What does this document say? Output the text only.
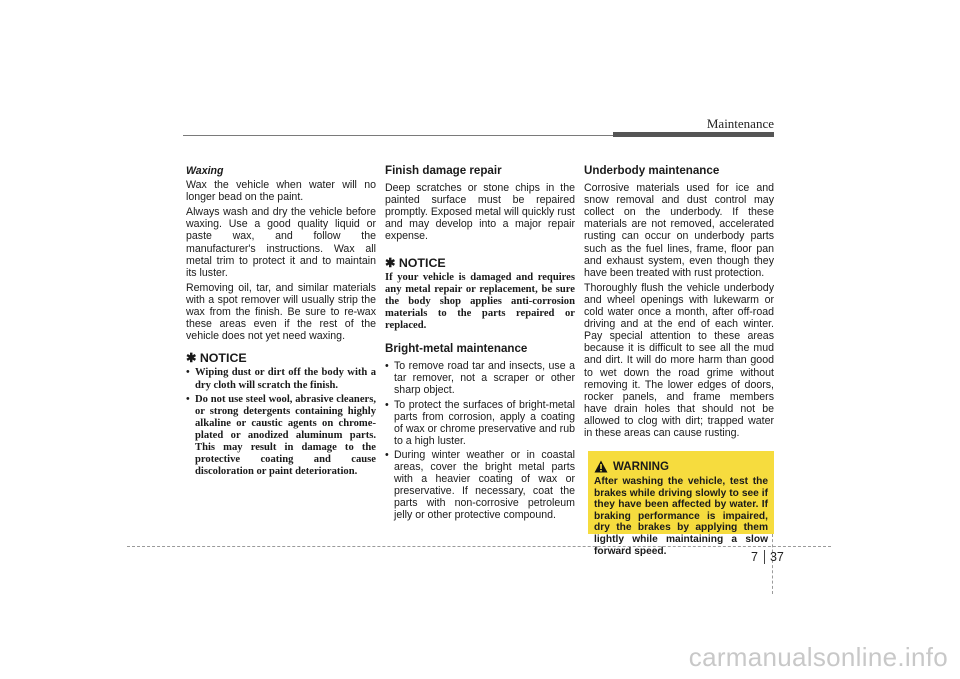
Maintenance
Waxing

Wax the vehicle when water will no longer bead on the paint.

Always wash and dry the vehicle before waxing. Use a good quality liquid or paste wax, and follow the manufacturer's instructions. Wax all metal trim to protect it and to maintain its luster.

Removing oil, tar, and similar materials with a spot remover will usually strip the wax from the finish. Be sure to re-wax these areas even if the rest of the vehicle does not yet need waxing.

✱ NOTICE
• Wiping dust or dirt off the body with a dry cloth will scratch the finish.
• Do not use steel wool, abrasive cleaners, or strong detergents containing highly alkaline or caustic agents on chrome-plated or anodized aluminum parts. This may result in damage to the protective coating and cause discoloration or paint deterioration.
Finish damage repair

Deep scratches or stone chips in the painted surface must be repaired promptly. Exposed metal will quickly rust and may develop into a major repair expense.

✱ NOTICE

If your vehicle is damaged and requires any metal repair or replacement, be sure the body shop applies anti-corrosion materials to the parts repaired or replaced.

Bright-metal maintenance
• To remove road tar and insects, use a tar remover, not a scraper or other sharp object.
• To protect the surfaces of bright-metal parts from corrosion, apply a coating of wax or chrome preservative and rub to a high luster.
• During winter weather or in coastal areas, cover the bright metal parts with a heavier coating of wax or preservative. If necessary, coat the parts with non-corrosive petroleum jelly or other protective compound.
Underbody maintenance

Corrosive materials used for ice and snow removal and dust control may collect on the underbody. If these materials are not removed, accelerated rusting can occur on underbody parts such as the fuel lines, frame, floor pan and exhaust system, even though they have been treated with rust protection.

Thoroughly flush the vehicle underbody and wheel openings with lukewarm or cold water once a month, after off-road driving and at the end of each winter. Pay special attention to these areas because it is difficult to see all the mud and dirt. It will do more harm than good to wet down the road grime without removing it. The lower edges of doors, rocker panels, and frame members have drain holes that should not be allowed to clog with dirt; trapped water in these areas can cause rusting.

WARNING

After washing the vehicle, test the brakes while driving slowly to see if they have been affected by water. If braking performance is impaired, dry the brakes by applying them lightly while maintaining a slow forward speed.	7 37
carmanualsonline.info
